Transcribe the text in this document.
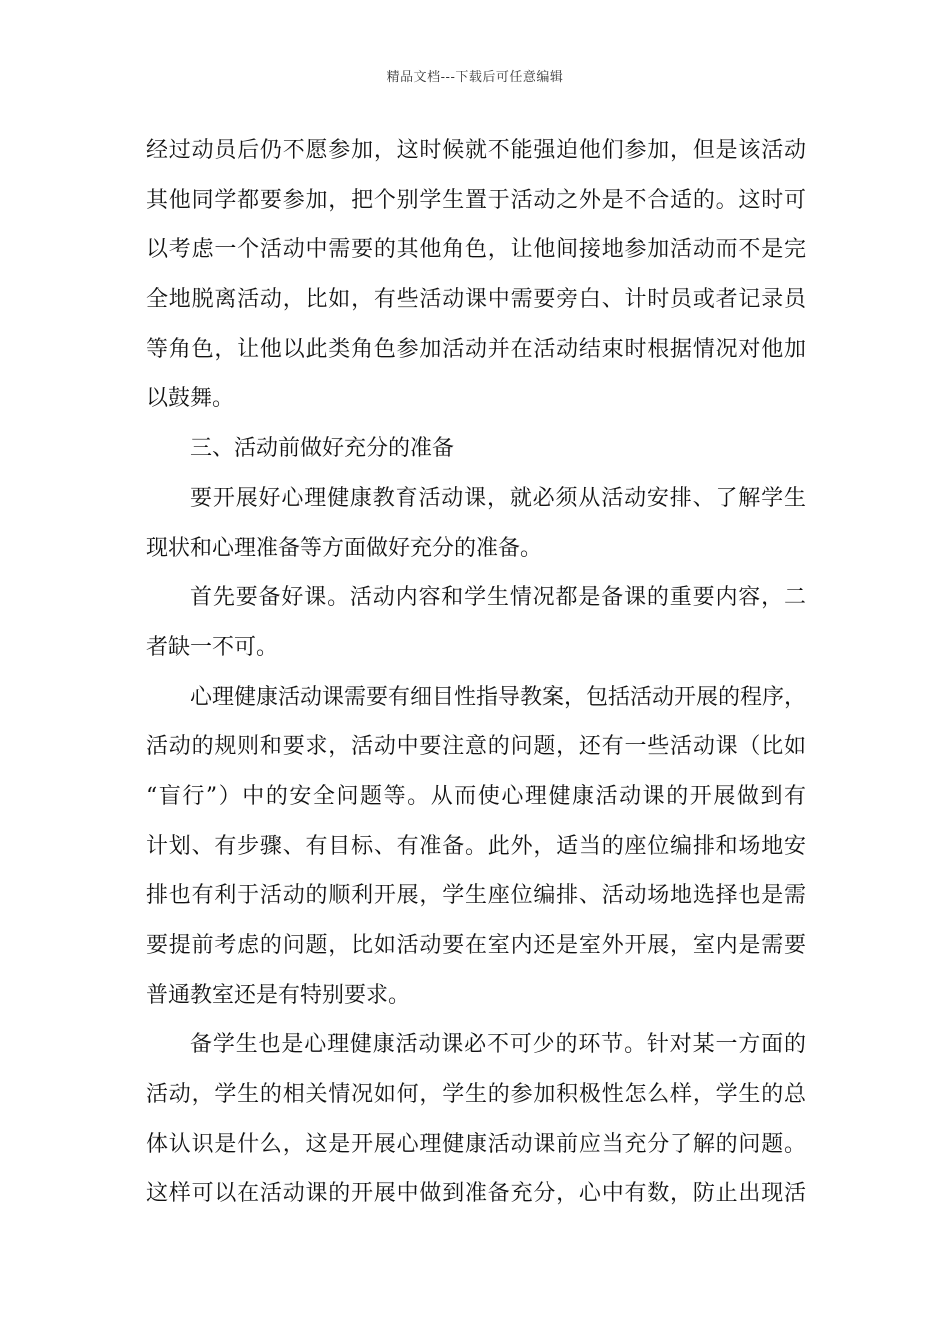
精品文档---下载后可任意编辑
经过动员后仍不愿参加，这时候就不能强迫他们参加，但是该活动
其他同学都要参加，把个别学生置于活动之外是不合适的。这时可
以考虑一个活动中需要的其他角色，让他间接地参加活动而不是完
全地脱离活动，比如，有些活动课中需要旁白、计时员或者记录员
等角色，让他以此类角色参加活动并在活动结束时根据情况对他加
以鼓舞。
三、活动前做好充分的准备
要开展好心理健康教育活动课，就必须从活动安排、了解学生
现状和心理准备等方面做好充分的准备。
首先要备好课。活动内容和学生情况都是备课的重要内容，二
者缺一不可。
心理健康活动课需要有细目性指导教案，包括活动开展的程序，
活动的规则和要求，活动中要注意的问题，还有一些活动课（比如
“盲行”）中的安全问题等。从而使心理健康活动课的开展做到有
计划、有步骤、有目标、有准备。此外，适当的座位编排和场地安
排也有利于活动的顺利开展，学生座位编排、活动场地选择也是需
要提前考虑的问题，比如活动要在室内还是室外开展，室内是需要
普通教室还是有特别要求。
备学生也是心理健康活动课必不可少的环节。针对某一方面的
活动，学生的相关情况如何，学生的参加积极性怎么样，学生的总
体认识是什么，这是开展心理健康活动课前应当充分了解的问题。
这样可以在活动课的开展中做到准备充分，心中有数，防止出现活
